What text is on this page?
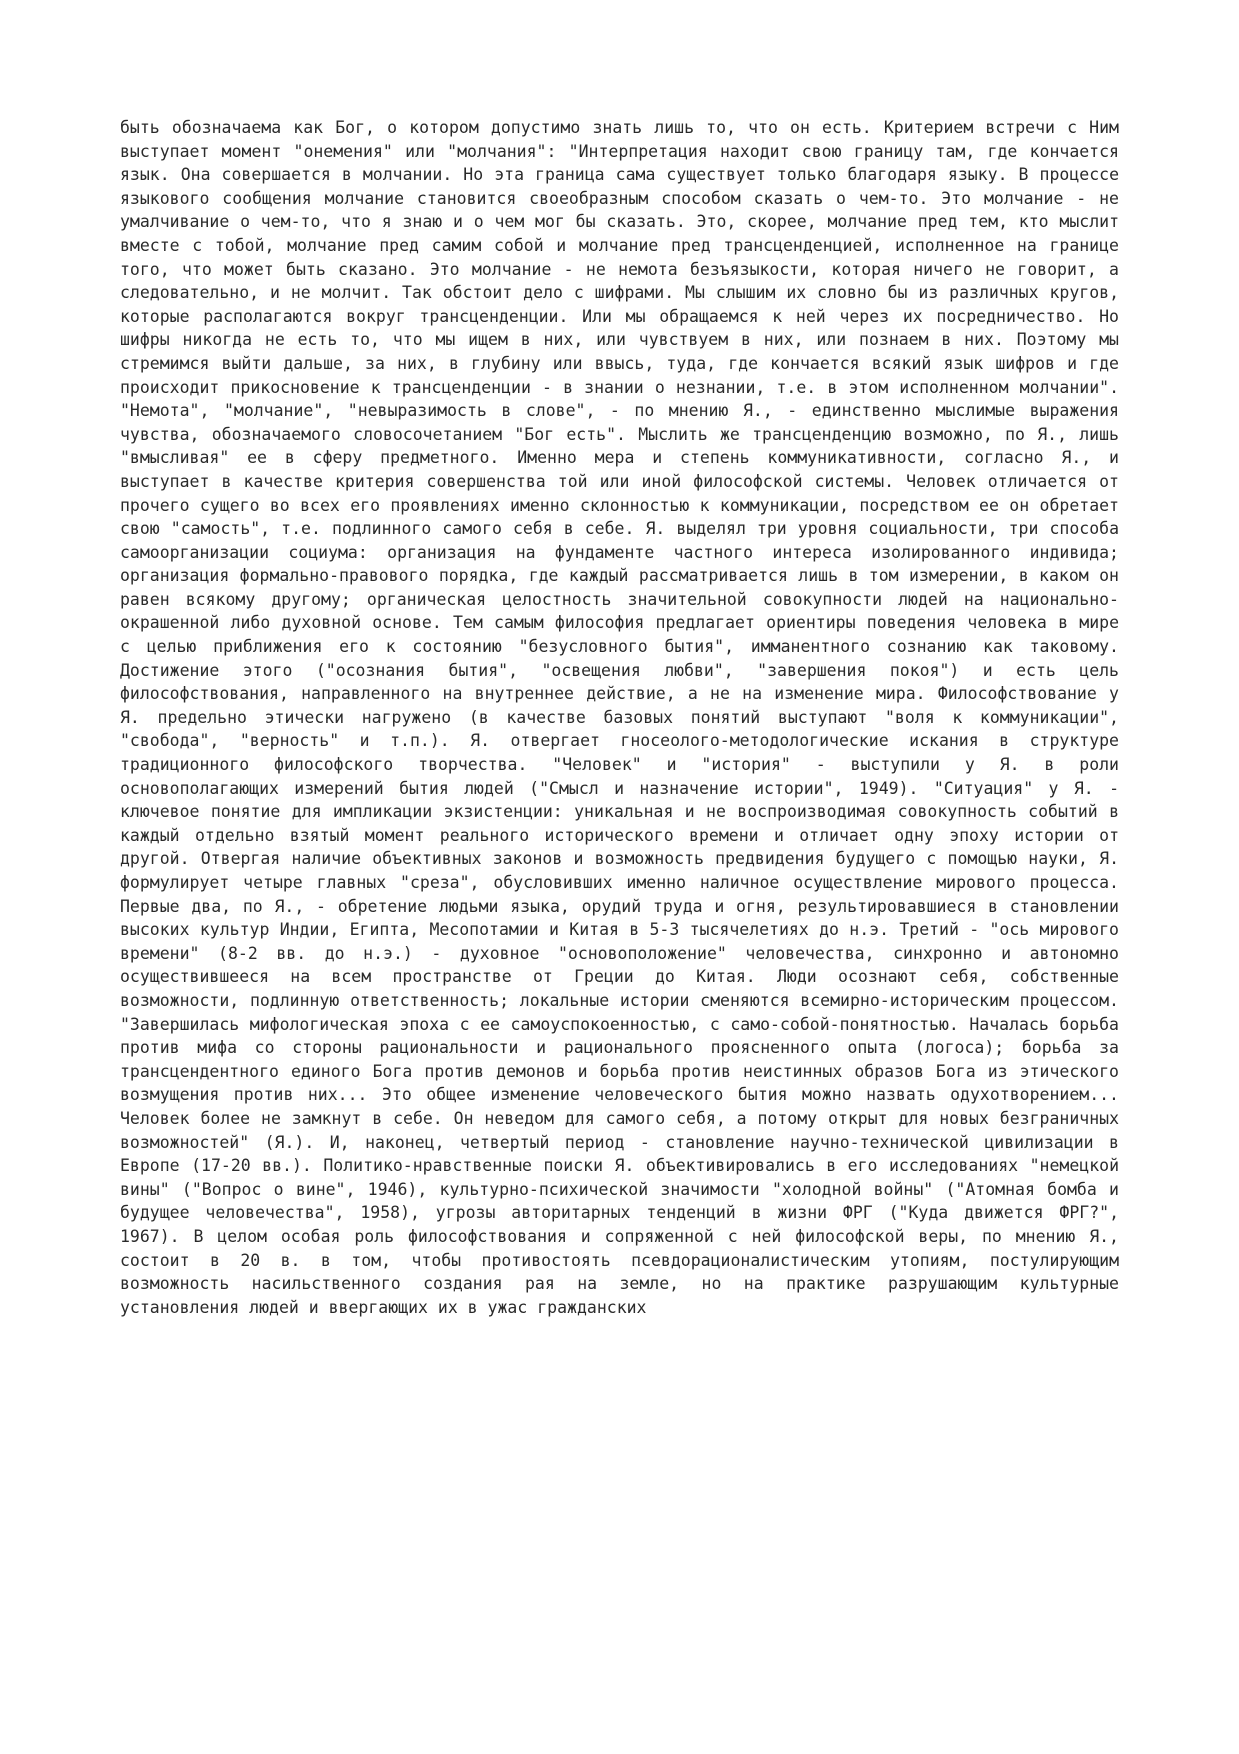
быть обозначаема как Бог, о котором допустимо знать лишь то, что он есть. Критерием встречи с Ним выступает момент "онемения" или "молчания": "Интерпретация находит свою границу там, где кончается язык. Она совершается в молчании. Но эта граница сама существует только благодаря языку. В процессе языкового сообщения молчание становится своеобразным способом сказать о чем-то. Это молчание - не умалчивание о чем-то, что я знаю и о чем мог бы сказать. Это, скорее, молчание пред тем, кто мыслит вместе с тобой, молчание пред самим собой и молчание пред трансценденцией, исполненное на границе того, что может быть сказано. Это молчание - не немота безъязыкости, которая ничего не говорит, а следовательно, и не молчит. Так обстоит дело с шифрами. Мы слышим их словно бы из различных кругов, которые располагаются вокруг трансценденции. Или мы обращаемся к ней через их посредничество. Но шифры никогда не есть то, что мы ищем в них, или чувствуем в них, или познаем в них. Поэтому мы стремимся выйти дальше, за них, в глубину или ввысь, туда, где кончается всякий язык шифров и где происходит прикосновение к трансценденции - в знании о незнании, т.е. в этом исполненном молчании". "Немота", "молчание", "невыразимость в слове", - по мнению Я., - единственно мыслимые выражения чувства, обозначаемого словосочетанием "Бог есть". Мыслить же трансценденцию возможно, по Я., лишь "вмысливая" ее в сферу предметного. Именно мера и степень коммуникативности, согласно Я., и выступает в качестве критерия совершенства той или иной философской системы. Человек отличается от прочего сущего во всех его проявлениях именно склонностью к коммуникации, посредством ее он обретает свою "самость", т.е. подлинного самого себя в себе. Я. выделял три уровня социальности, три способа самоорганизации социума: организация на фундаменте частного интереса изолированного индивида; организация формально-правового порядка, где каждый рассматривается лишь в том измерении, в каком он равен всякому другому; органическая целостность значительной совокупности людей на национально-окрашенной либо духовной основе. Тем самым философия предлагает ориентиры поведения человека в мире с целью приближения его к состоянию "безусловного бытия", имманентного сознанию как таковому. Достижение этого ("осознания бытия", "освещения любви", "завершения покоя") и есть цель философствования, направленного на внутреннее действие, а не на изменение мира. Философствование у Я. предельно этически нагружено (в качестве базовых понятий выступают "воля к коммуникации", "свобода", "верность" и т.п.). Я. отвергает гносеолого-методологические искания в структуре традиционного философского творчества. "Человек" и "история" - выступили у Я. в роли основополагающих измерений бытия людей ("Смысл и назначение истории", 1949). "Ситуация" у Я. - ключевое понятие для импликации экзистенции: уникальная и не воспроизводимая совокупность событий в каждый отдельно взятый момент реального исторического времени и отличает одну эпоху истории от другой. Отвергая наличие объективных законов и возможность предвидения будущего с помощью науки, Я. формулирует четыре главных "среза", обусловивших именно наличное осуществление мирового процесса. Первые два, по Я., - обретение людьми языка, орудий труда и огня, результировавшиеся в становлении высоких культур Индии, Египта, Месопотамии и Китая в 5-3 тысячелетиях до н.э. Третий - "ось мирового времени" (8-2 вв. до н.э.) - духовное "основоположение" человечества, синхронно и автономно осуществившееся на всем пространстве от Греции до Китая. Люди осознают себя, собственные возможности, подлинную ответственность; локальные истории сменяются всемирно-историческим процессом. "Завершилась мифологическая эпоха с ее самоуспокоенностью, с само-собой-понятностью. Началась борьба против мифа со стороны рациональности и рационального проясненного опыта (логоса); борьба за трансцендентного единого Бога против демонов и борьба против неистинных образов Бога из этического возмущения против них... Это общее изменение человеческого бытия можно назвать одухотворением... Человек более не замкнут в себе. Он неведом для самого себя, а потому открыт для новых безграничных возможностей" (Я.). И, наконец, четвертый период - становление научно-технической цивилизации в Европе (17-20 вв.). Политико-нравственные поиски Я. объективировались в его исследованиях "немецкой вины" ("Вопрос о вине", 1946), культурно-психической значимости "холодной войны" ("Атомная бомба и будущее человечества", 1958), угрозы авторитарных тенденций в жизни ФРГ ("Куда движется ФРГ?", 1967). В целом особая роль философствования и сопряженной с ней философской веры, по мнению Я., состоит в 20 в. в том, чтобы противостоять псевдорационалистическим утопиям, постулирующим возможность насильственного создания рая на земле, но на практике разрушающим культурные установления людей и ввергающих их в ужас гражданских
